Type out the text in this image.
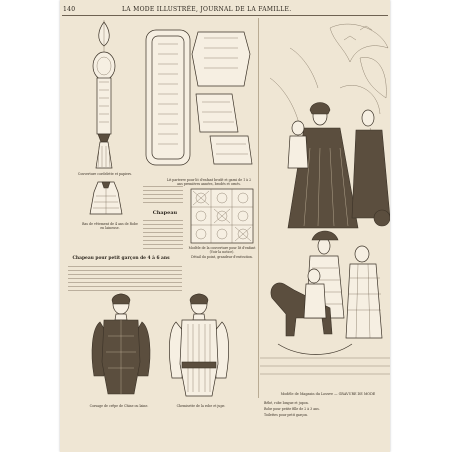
140	LA MODE ILLUSTRÉE, JOURNAL DE LA FAMILLE.
Couverture cordelette et papiers.
Lit parterre pour lit d'enfant brodé et garni de 1 à 2 ans premières années, brodés et ornés.
Bas de vêtement de 4 ans de Robe en laineuse.
Chapeau
Modèle de la couverture pour lit d'enfant (Voir la notice).
Détail du point, grandeur d'exécution.
Chapeau pour petit garçon de 4 à 6 ans
Corsage de crêpe de Chine ou laine.	Chemisette de la robe et jupe.
Modèle de Magasin du Louvre — GRAVURE DE MODE
Bébé, robe longue et jupon.
Robe pour petite fille de 2 à 3 ans.
Toilettes pour petit garçon.
